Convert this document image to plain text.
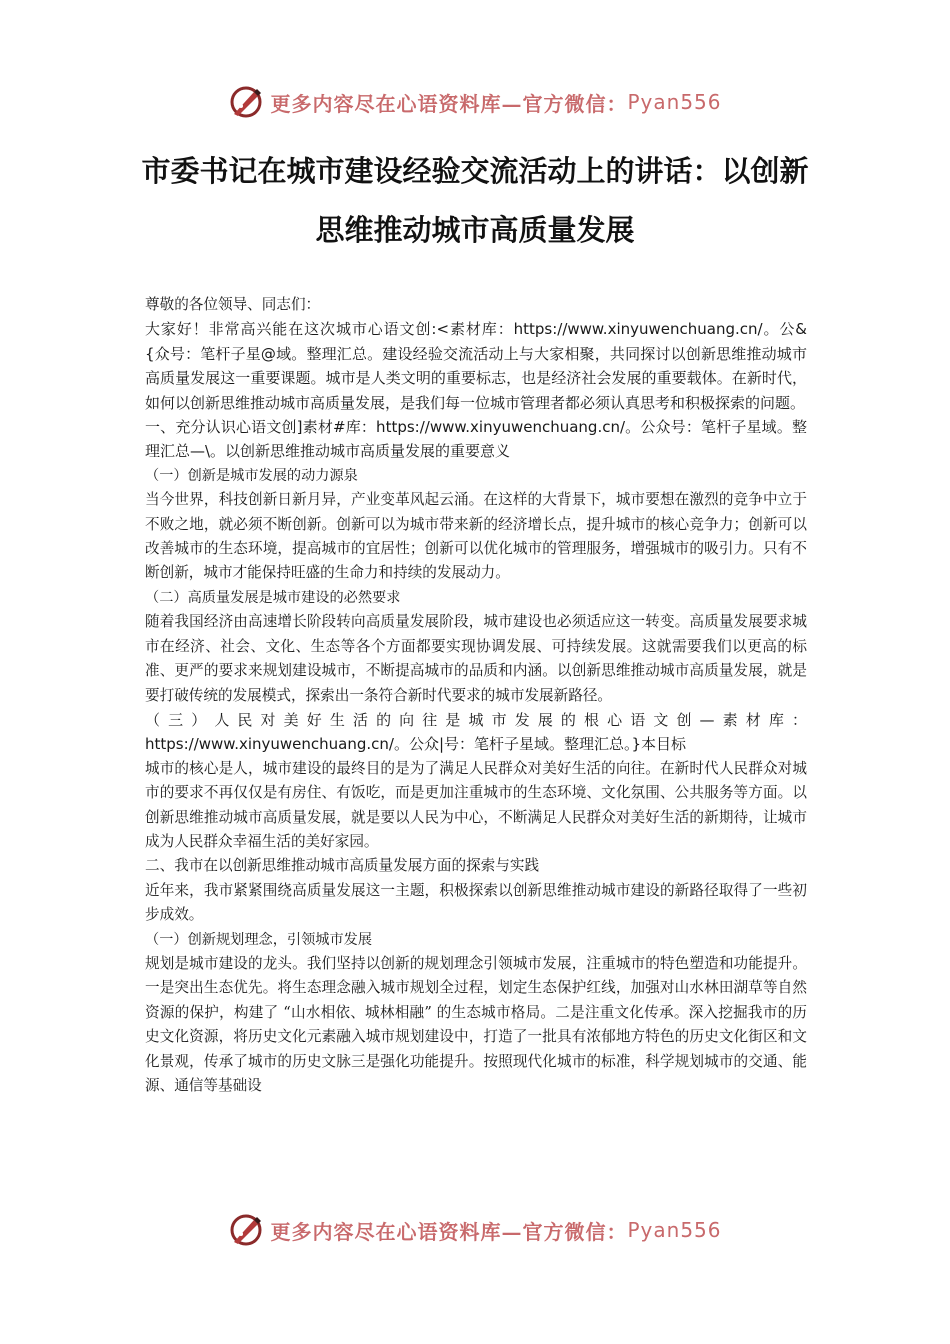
更多内容尽在心语资料库—官方微信： Pyan556
市委书记在城市建设经验交流活动上的讲话：以创新
思维推动城市高质量发展

尊敬的各位领导、同志们：

大家好！非常高兴能在这次城市心语文创:<素材库：https://www.xinyuwenchuang.cn/。公&{众号：笔杆子星@域。整理汇总。建设经验交流活动上与大家相聚，共同探讨以创新思维推动城市高质量发展这一重要课题。城市是人类文明的重要标志，也是经济社会发展的重要载体。在新时代，如何以创新思维推动城市高质量发展，是我们每一位城市管理者都必须认真思考和积极探索的问题。

一、充分认识心语文创]素材#库：https://www.xinyuwenchuang.cn/。公众号：笔杆子星域。整理汇总—\。以创新思维推动城市高质量发展的重要意义

（一）创新是城市发展的动力源泉

当今世界，科技创新日新月异，产业变革风起云涌。在这样的大背景下，城市要想在激烈的竞争中立于不败之地，就必须不断创新。创新可以为城市带来新的经济增长点，提升城市的核心竞争力；创新可以改善城市的生态环境，提高城市的宜居性；创新可以优化城市的管理服务，增强城市的吸引力。只有不断创新，城市才能保持旺盛的生命力和持续的发展动力。

（二）高质量发展是城市建设的必然要求

随着我国经济由高速增长阶段转向高质量发展阶段，城市建设也必须适应这一转变。高质量发展要求城市在经济、社会、文化、生态等各个方面都要实现协调发展、可持续发展。这就需要我们以更高的标准、更严的要求来规划建设城市，不断提高城市的品质和内涵。以创新思维推动城市高质量发展，就是要打破传统的发展模式，探索出一条符合新时代要求的城市发展新路径。

（三）人民对美好生活的向往是城市发展的根心语文创—素材库：https://www.xinyuwenchuang.cn/。公众|号：笔杆子星域。整理汇总。}本目标

城市的核心是人，城市建设的最终目的是为了满足人民群众对美好生活的向往。在新时代人民群众对城市的要求不再仅仅是有房住、有饭吃，而是更加注重城市的生态环境、文化氛围、公共服务等方面。以创新思维推动城市高质量发展，就是要以人民为中心，不断满足人民群众对美好生活的新期待，让城市成为人民群众幸福生活的美好家园。

二、我市在以创新思维推动城市高质量发展方面的探索与实践

近年来，我市紧紧围绕高质量发展这一主题，积极探索以创新思维推动城市建设的新路径取得了一些初步成效。

（一）创新规划理念，引领城市发展

规划是城市建设的龙头。我们坚持以创新的规划理念引领城市发展，注重城市的特色塑造和功能提升。一是突出生态优先。将生态理念融入城市规划全过程，划定生态保护红线，加强对山水林田湖草等自然资源的保护，构建了 “山水相依、城林相融” 的生态城市格局。二是注重文化传承。深入挖掘我市的历史文化资源，将历史文化元素融入城市规划建设中，打造了一批具有浓郁地方特色的历史文化街区和文化景观，传承了城市的历史文脉三是强化功能提升。按照现代化城市的标准，科学规划城市的交通、能源、通信等基础设

更多内容尽在心语资料库—官方微信： Pyan556
